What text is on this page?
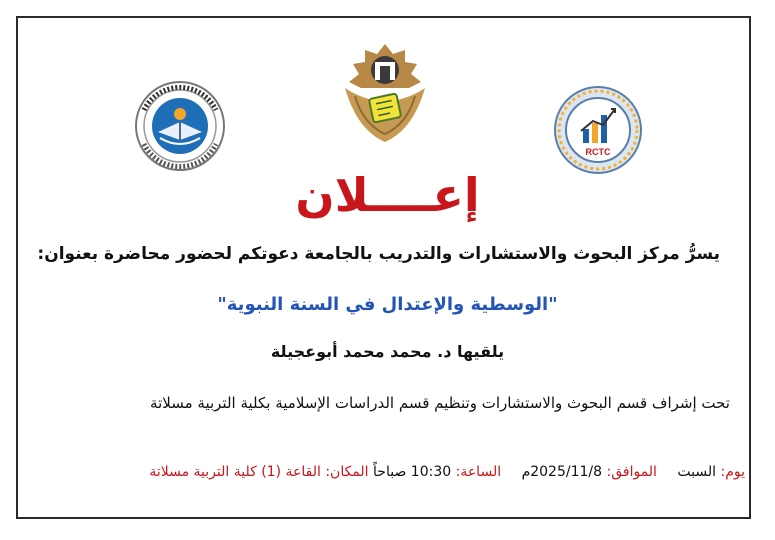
RCTC
إعــــلان
يسرُّ مركز البحوث والاستشارات والتدريب بالجامعة دعوتكم لحضور محاضرة بعنوان:
"الوسطية والإعتدال في السنة النبوية"
يلقيها د. محمد محمد أبوعجيلة
تحت إشراف قسم البحوث والاستشارات وتنظيم قسم الدراسات الإسلامية بكلية التربية مسلاتة
يوم: السبت الموافق: 2025/11/8م الساعة: 10:30 صباحاً المكان: القاعة (1) كلية التربية مسلاتة
